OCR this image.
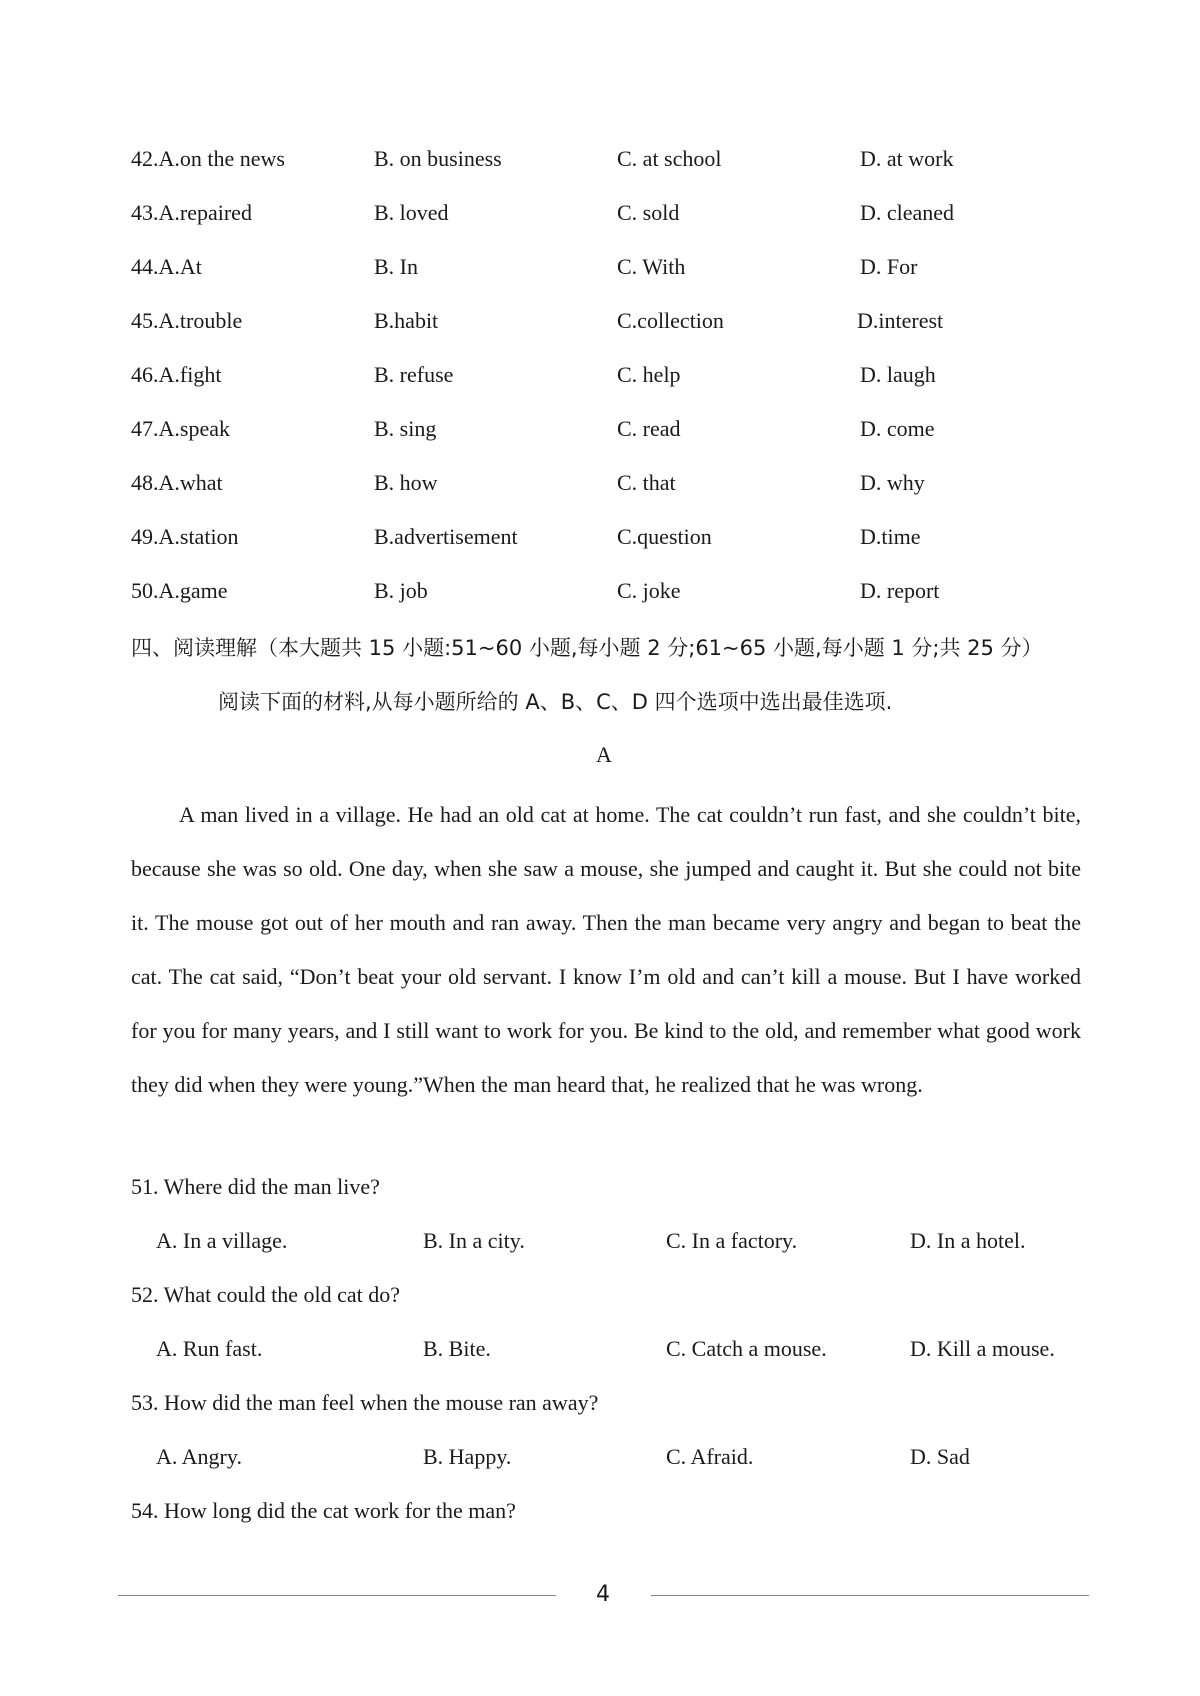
42.A.on the news	B. on business	C. at school	D. at work
43.A.repaired	B. loved	C. sold	D. cleaned
44.A.At	B. In	C. With	D. For
45.A.trouble	B.habit	C.collection	D.interest
46.A.fight	B. refuse	C. help	D. laugh
47.A.speak	B. sing	C. read	D. come
48.A.what	B. how	C. that	D. why
49.A.station	B.advertisement	C.question	D.time
50.A.game	B. job	C. joke	D. report
四、阅读理解（本大题共 15 小题:51~60 小题,每小题 2 分;61~65 小题,每小题 1 分;共 25 分）
阅读下面的材料,从每小题所给的 A、B、C、D 四个选项中选出最佳选项.
A

A man lived in a village. He had an old cat at home. The cat couldn’t run fast, and she couldn’t bite, because she was so old. One day, when she saw a mouse, she jumped and caught it. But she could not bite it. The mouse got out of her mouth and ran away. Then the man became very angry and began to beat the cat. The cat said, “Don’t beat your old servant. I know I’m old and can’t kill a mouse. But I have worked for you for many years, and I still want to work for you. Be kind to the old, and remember what good work they did when they were young.”When the man heard that, he realized that he was wrong.

51. Where did the man live?
A. In a village.	B. In a city.	C. In a factory.	D. In a hotel.
52. What could the old cat do?
A. Run fast.	B. Bite.	C. Catch a mouse.	D. Kill a mouse.
53. How did the man feel when the mouse ran away?
A. Angry.	B. Happy.	C. Afraid.	D. Sad
54. How long did the cat work for the man?
4
